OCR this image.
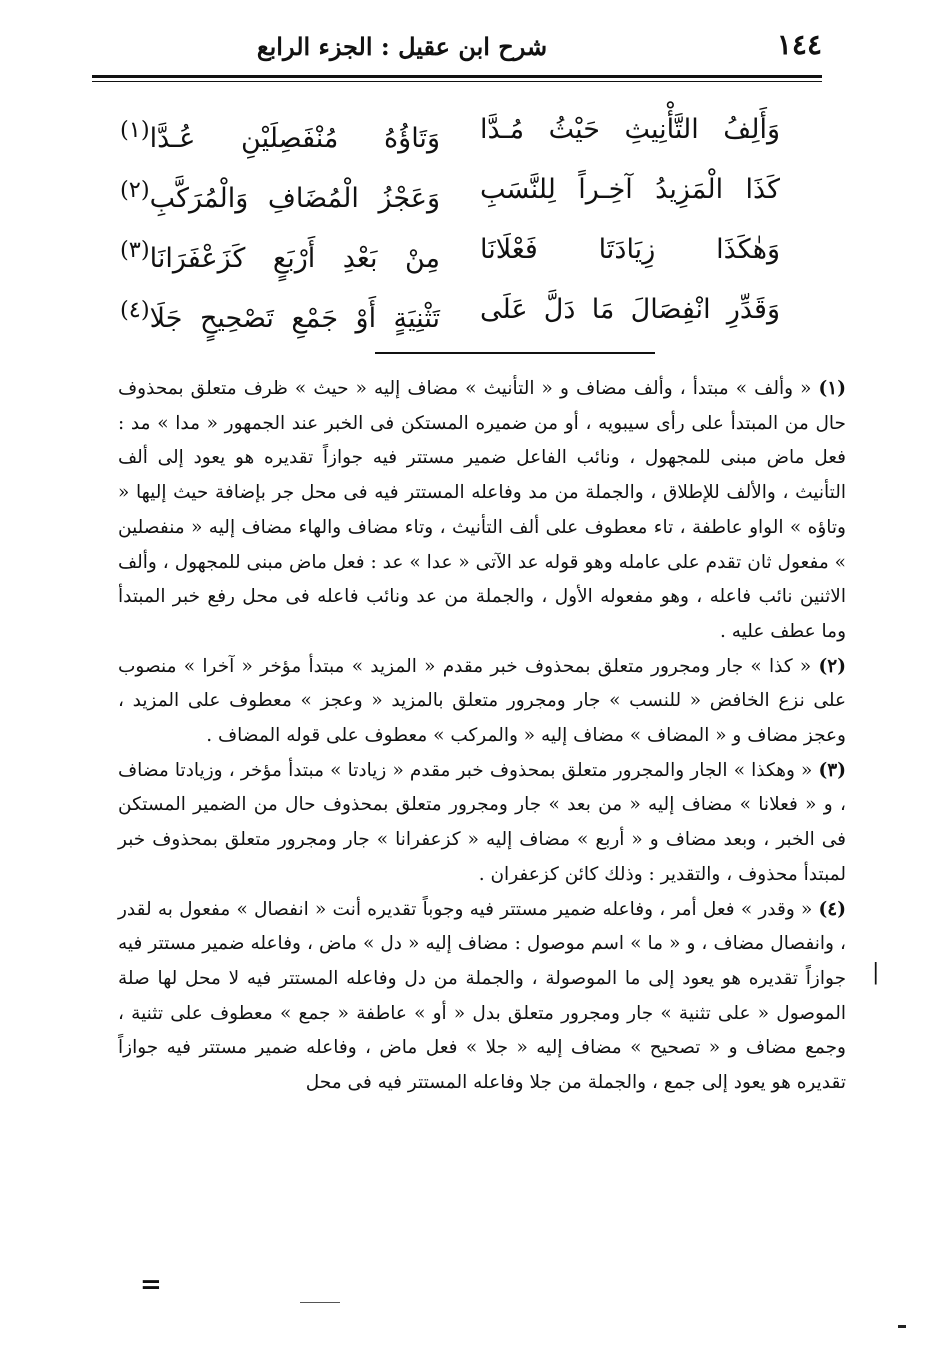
١٤٤
شرح ابن عقيل : الجزء الرابع
وَأَلِفُ التَّأْنِيثِ حَيْثُ مُـدَّا
وَتَاؤُهُ مُنْفَصِلَيْنِ عُـدَّا$^{(١)}$
كَذَا الْمَزِيدُ آخِـراً لِلنَّسَبِ
وَعَجْزُ الْمُضَافِ وَالْمُرَكَّبِ$^{(٢)}$
وَهٰكَذَا زِيَادَتَا فَعْلَانَا
مِنْ بَعْدِ أَرْبَعٍ كَزَعْفَرَانَا$^{(٣)}$
وَقَدِّرِ انْفِصَالَ مَا دَلَّ عَلَى
تَثْنِيَةٍ أَوْ جَمْعِ تَصْحِيحٍ جَلَا$^{(٤)}$

(١) « وألف » مبتدأ ، وألف مضاف و « التأنيث » مضاف إليه « حيث » ظرف متعلق بمحذوف حال من المبتدأ على رأى سيبويه ، أو من ضميره المستكن فى الخبر عند الجمهور « مدا » مد : فعل ماض مبنى للمجهول ، ونائب الفاعل ضمير مستتر فيه جوازاً تقديره هو يعود إلى ألف التأنيث ، والألف للإطلاق ، والجملة من مد وفاعله المستتر فيه فى محل جر بإضافة حيث إليها « وتاؤه » الواو عاطفة ، تاء معطوف على ألف التأنيث ، وتاء مضاف والهاء مضاف إليه « منفصلين » مفعول ثان تقدم على عامله وهو قوله عد الآتى « عدا » عد : فعل ماض مبنى للمجهول ، وألف الاثنين نائب فاعله ، وهو مفعوله الأول ، والجملة من عد ونائب فاعله فى محل رفع خبر المبتدأ وما عطف عليه .

(٢) « كذا » جار ومجرور متعلق بمحذوف خبر مقدم « المزيد » مبتدأ مؤخر « آخرا » منصوب على نزع الخافض « للنسب » جار ومجرور متعلق بالمزيد « وعجز » معطوف على المزيد ، وعجز مضاف و « المضاف » مضاف إليه « والمركب » معطوف على قوله المضاف .

(٣) « وهكذا » الجار والمجرور متعلق بمحذوف خبر مقدم « زيادتا » مبتدأ مؤخر ، وزيادتا مضاف ، و « فعلانا » مضاف إليه « من بعد » جار ومجرور متعلق بمحذوف حال من الضمير المستكن فى الخبر ، وبعد مضاف و « أربع » مضاف إليه « كزعفرانا » جار ومجرور متعلق بمحذوف خبر لمبتدأ محذوف ، والتقدير : وذلك كائن كزعفران .

(٤) « وقدر » فعل أمر ، وفاعله ضمير مستتر فيه وجوباً تقديره أنت « انفصال » مفعول به لقدر ، وانفصال مضاف ، و « ما » اسم موصول : مضاف إليه « دل » ماض ، وفاعله ضمير مستتر فيه جوازاً تقديره هو يعود إلى ما الموصولة ، والجملة من دل وفاعله المستتر فيه لا محل لها صلة الموصول « على تثنية » جار ومجرور متعلق بدل « أو » عاطفة « جمع » معطوف على تثنية ، وجمع مضاف و « تصحيح » مضاف إليه « جلا » فعل ماض ، وفاعله ضمير مستتر فيه جوازاً تقديره هو يعود إلى جمع ، والجملة من جلا وفاعله المستتر فيه فى محل

|
=
